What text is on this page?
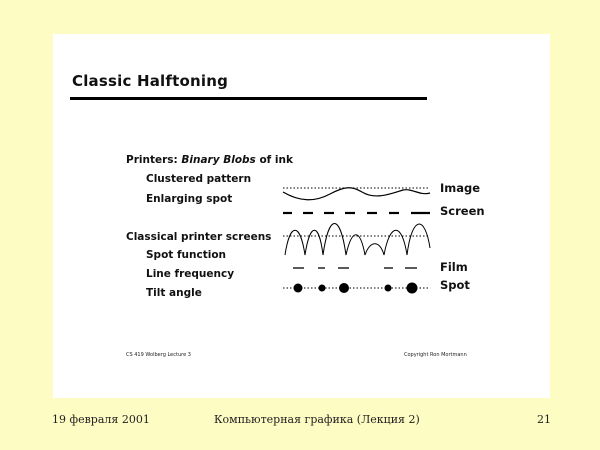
Classic Halftoning
Printers: Binary Blobs of ink
Clustered pattern
Enlarging spot
Classical printer screens
Spot function
Line frequency
Tilt angle
Image
Screen
Film
Spot
CS 419 Wolberg Lecture 3	Copyright Ron Mortmann
19 февраля 2001	Компьютерная графика (Лекция 2)	21
